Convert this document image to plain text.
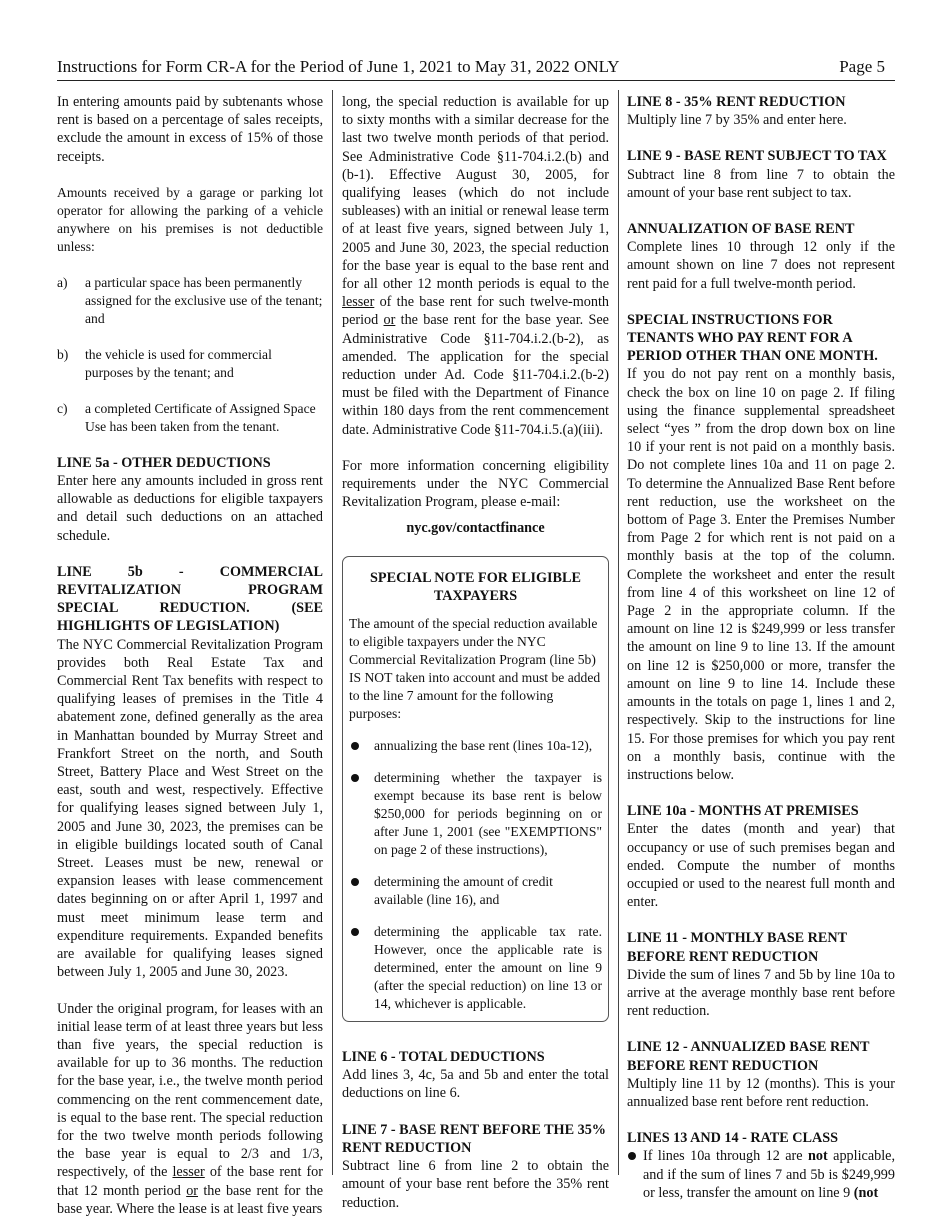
Instructions for Form CR-A for the Period of June 1, 2021 to May 31, 2022 ONLY	Page 5

In entering amounts paid by subtenants whose rent is based on a percentage of sales receipts, exclude the amount in excess of 15% of those receipts.

Amounts received by a garage or parking lot operator for allowing the parking of a vehicle anywhere on his premises is not deductible unless:

a)	a particular space has been permanently assigned for the exclusive use of the tenant; and
b)	the vehicle is used for commercial purposes by the tenant; and
c)	a completed Certificate of Assigned Space Use has been taken from the tenant.
LINE 5a - OTHER DEDUCTIONS

Enter here any amounts included in gross rent allowable as deductions for eligible taxpayers and detail such deductions on an attached schedule.

LINE 5b - COMMERCIAL REVITALIZATION PROGRAM SPECIAL REDUCTION. (SEE HIGHLIGHTS OF LEGISLATION)

The NYC Commercial Revitalization Program provides both Real Estate Tax and Commercial Rent Tax benefits with respect to qualifying leases of premises in the Title 4 abatement zone, defined generally as the area in Manhattan bounded by Murray Street and Frankfort Street on the north, and South Street, Battery Place and West Street on the east, south and west, respectively. Effective for qualifying leases signed between July 1, 2005 and June 30, 2023, the premises can be in eligible buildings located south of Canal Street. Leases must be new, renewal or expansion leases with lease commencement dates beginning on or after April 1, 1997 and must meet minimum lease term and expenditure requirements. Expanded benefits are available for qualifying leases signed between July 1, 2005 and June 30, 2023.

Under the original program, for leases with an initial lease term of at least three years but less than five years, the special reduction is available for up to 36 months. The reduction for the base year, i.e., the twelve month period commencing on the rent commencement date, is equal to the base rent. The special reduction for the two twelve month periods following the base year is equal to 2/3 and 1/3, respectively, of the lesser of the base rent for that 12 month period or the base rent for the base year. Where the lease is at least five years

long, the special reduction is available for up to sixty months with a similar decrease for the last two twelve month periods of that period. See Administrative Code §11-704.i.2.(b) and (b-1). Effective August 30, 2005, for qualifying leases (which do not include subleases) with an initial or renewal lease term of at least five years, signed between July 1, 2005 and June 30, 2023, the special reduction for the base year is equal to the base rent and for all other 12 month periods is equal to the lesser of the base rent for such twelve-month period or the base rent for the base year. See Administrative Code §11-704.i.2.(b-2), as amended. The application for the special reduction under Ad. Code §11-704.i.2.(b-2) must be filed with the Department of Finance within 180 days from the rent commencement date. Administrative Code §11-704.i.5.(a)(iii).

For more information concerning eligibility requirements under the NYC Commercial Revitalization Program, please e-mail:

nyc.gov/contactfinance

SPECIAL NOTE FOR ELIGIBLE TAXPAYERS

The amount of the special reduction available to eligible taxpayers under the NYC Commercial Revitalization Program (line 5b) IS NOT taken into account and must be added to the line 7 amount for the following purposes:

annualizing the base rent (lines 10a-12),
determining whether the taxpayer is exempt because its base rent is below $250,000 for periods beginning on or after June 1, 2001 (see "EXEMPTIONS" on page 2 of these instructions),
determining the amount of credit available (line 16), and
determining the applicable tax rate. However, once the applicable rate is determined, enter the amount on line 9 (after the special reduction) on line 13 or 14, whichever is applicable.
LINE 6 - TOTAL DEDUCTIONS

Add lines 3, 4c, 5a and 5b and enter the total deductions on line 6.

LINE 7 - BASE RENT BEFORE THE 35% RENT REDUCTION

Subtract line 6 from line 2 to obtain the amount of your base rent before the 35% rent reduction.

LINE 8 - 35% RENT REDUCTION

Multiply line 7 by 35% and enter here.

LINE 9 - BASE RENT SUBJECT TO TAX

Subtract line 8 from line 7 to obtain the amount of your base rent subject to tax.

ANNUALIZATION OF BASE RENT

Complete lines 10 through 12 only if the amount shown on line 7 does not represent rent paid for a full twelve-month period.

SPECIAL INSTRUCTIONS FOR TENANTS WHO PAY RENT FOR A PERIOD OTHER THAN ONE MONTH.

If you do not pay rent on a monthly basis, check the box on line 10 on page 2. If filing using the finance supplemental spreadsheet select “yes ” from the drop down box on line 10 if your rent is not paid on a monthly basis. Do not complete lines 10a and 11 on page 2. To determine the Annualized Base Rent before rent reduction, use the worksheet on the bottom of Page 3. Enter the Premises Number from Page 2 for which rent is not paid on a monthly basis at the top of the column. Complete the worksheet and enter the result from line 4 of this worksheet on line 12 of Page 2 in the appropriate column. If the amount on line 12 is $249,999 or less transfer the amount on line 9 to line 13. If the amount on line 12 is $250,000 or more, transfer the amount on line 9 to line 14. Include these amounts in the totals on page 1, lines 1 and 2, respectively. Skip to the instructions for line 15. For those premises for which you pay rent on a monthly basis, continue with the instructions below.

LINE 10a - MONTHS AT PREMISES

Enter the dates (month and year) that occupancy or use of such premises began and ended. Compute the number of months occupied or used to the nearest full month and enter.

LINE 11 - MONTHLY BASE RENT BEFORE RENT REDUCTION

Divide the sum of lines 7 and 5b by line 10a to arrive at the average monthly base rent before rent reduction.

LINE 12 - ANNUALIZED BASE RENT BEFORE RENT REDUCTION

Multiply line 11 by 12 (months). This is your annualized base rent before rent reduction.

LINES 13 AND 14 - RATE CLASS
If lines 10a through 12 are not applicable, and if the sum of lines 7 and 5b is $249,999 or less, transfer the amount on line 9 (not
